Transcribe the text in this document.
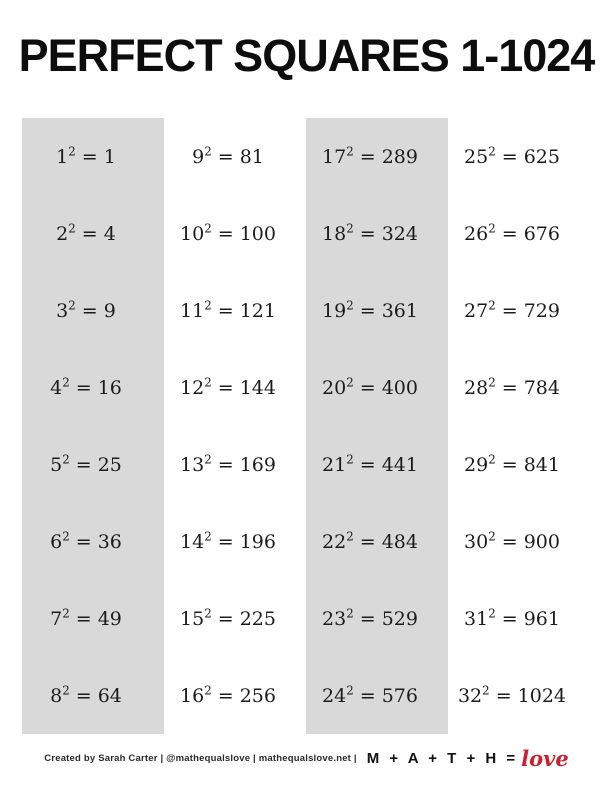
PERFECT SQUARES 1-1024
$1^2 = 1$
$2^2 = 4$
$3^2 = 9$
$4^2 = 16$
$5^2 = 25$
$6^2 = 36$
$7^2 = 49$
$8^2 = 64$
$9^2 = 81$
$10^2 = 100$
$11^2 = 121$
$12^2 = 144$
$13^2 = 169$
$14^2 = 196$
$15^2 = 225$
$16^2 = 256$
$17^2 = 289$
$18^2 = 324$
$19^2 = 361$
$20^2 = 400$
$21^2 = 441$
$22^2 = 484$
$23^2 = 529$
$24^2 = 576$
$25^2 = 625$
$26^2 = 676$
$27^2 = 729$
$28^2 = 784$
$29^2 = 841$
$30^2 = 900$
$31^2 = 961$
$32^2 = 1024$
Created by Sarah Carter | @mathequalslove | mathequalslove.net | M + A + T + H = love
